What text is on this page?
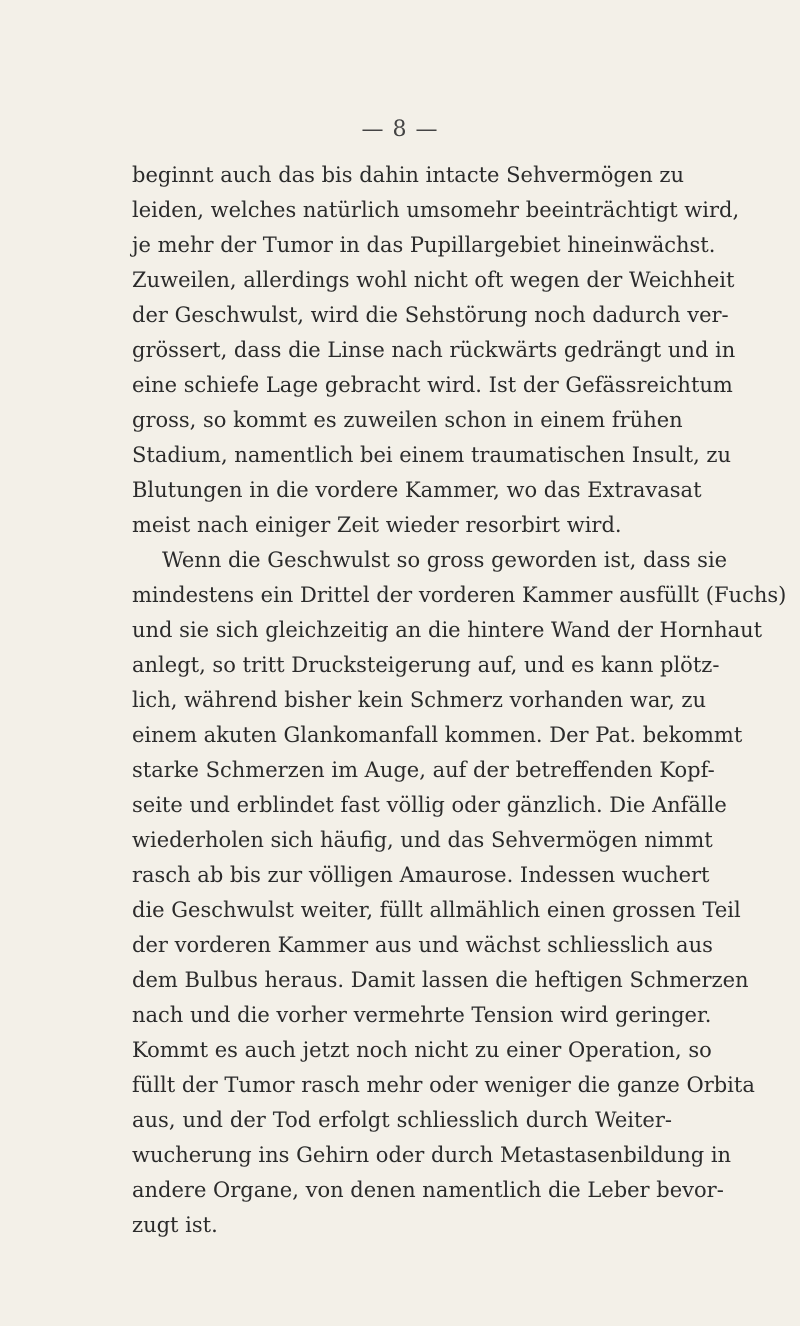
— 8 —
beginnt auch das bis dahin intacte Sehvermögen zu
leiden, welches natürlich umsomehr beeinträchtigt wird,
je mehr der Tumor in das Pupillargebiet hineinwächst.
Zuweilen, allerdings wohl nicht oft wegen der Weichheit
der Geschwulst, wird die Sehstörung noch dadurch ver-
grössert, dass die Linse nach rückwärts gedrängt und in
eine schiefe Lage gebracht wird. Ist der Gefässreichtum
gross, so kommt es zuweilen schon in einem frühen
Stadium, namentlich bei einem traumatischen Insult, zu
Blutungen in die vordere Kammer, wo das Extravasat
meist nach einiger Zeit wieder resorbirt wird.
Wenn die Geschwulst so gross geworden ist, dass sie
mindestens ein Drittel der vorderen Kammer ausfüllt (Fuchs)
und sie sich gleichzeitig an die hintere Wand der Hornhaut
anlegt, so tritt Drucksteigerung auf, und es kann plötz-
lich, während bisher kein Schmerz vorhanden war, zu
einem akuten Glankomanfall kommen. Der Pat. bekommt
starke Schmerzen im Auge, auf der betreffenden Kopf-
seite und erblindet fast völlig oder gänzlich. Die Anfälle
wiederholen sich häufig, und das Sehvermögen nimmt
rasch ab bis zur völligen Amaurose. Indessen wuchert
die Geschwulst weiter, füllt allmählich einen grossen Teil
der vorderen Kammer aus und wächst schliesslich aus
dem Bulbus heraus. Damit lassen die heftigen Schmerzen
nach und die vorher vermehrte Tension wird geringer.
Kommt es auch jetzt noch nicht zu einer Operation, so
füllt der Tumor rasch mehr oder weniger die ganze Orbita
aus, und der Tod erfolgt schliesslich durch Weiter-
wucherung ins Gehirn oder durch Metastasenbildung in
andere Organe, von denen namentlich die Leber bevor-
zugt ist.
